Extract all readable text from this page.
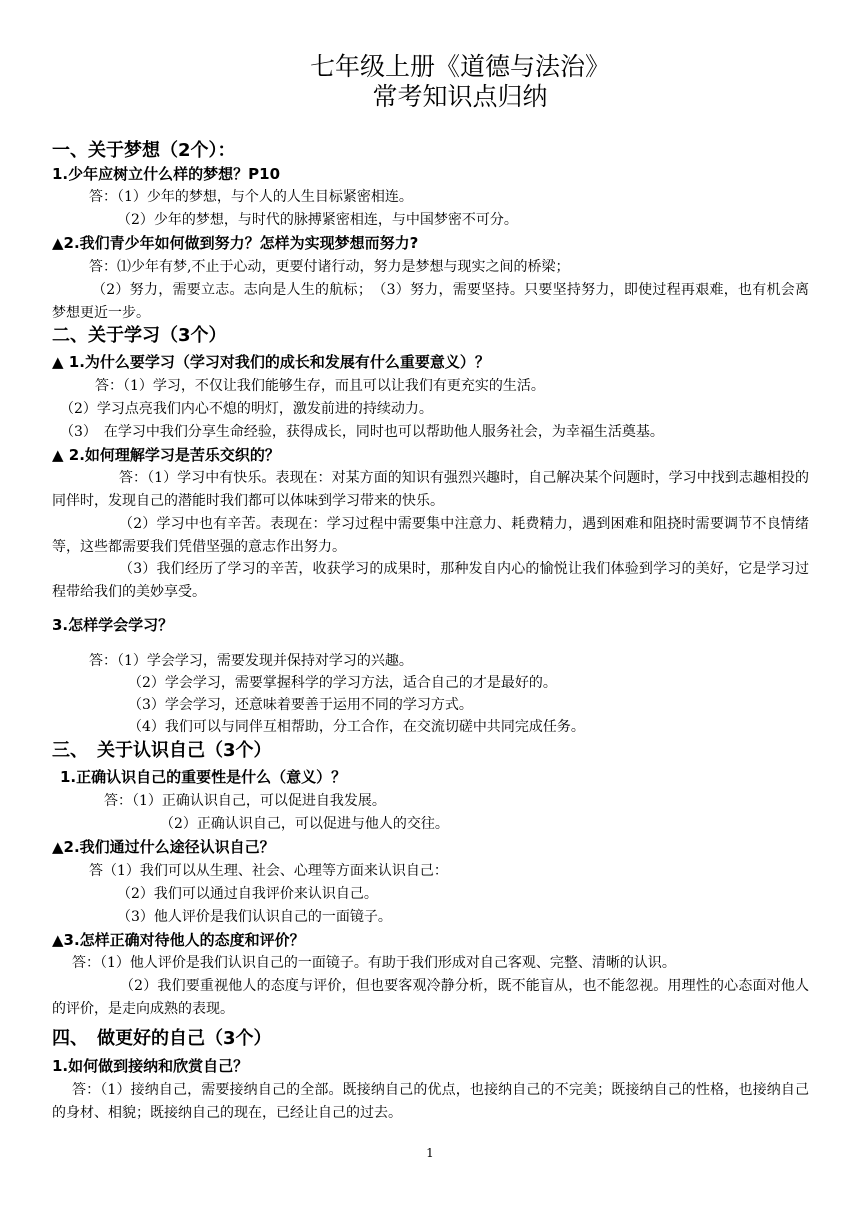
七年级上册《道德与法治》
常考知识点归纳
一、关于梦想（2个）：
1.少年应树立什么样的梦想？P10
答：（1）少年的梦想，与个人的人生目标紧密相连。
（2）少年的梦想，与时代的脉搏紧密相连，与中国梦密不可分。
▲2.我们青少年如何做到努力？怎样为实现梦想而努力?
答：⑴少年有梦,不止于心动，更要付诸行动，努力是梦想与现实之间的桥梁；
（2）努力，需要立志。志向是人生的航标；　（3）努力，需要坚持。只要坚持努力，即使过程再艰难，也有机会离梦想更近一步。
二、关于学习（3个）
▲ 1.为什么要学习（学习对我们的成长和发展有什么重要意义）？
答：（1）学习，不仅让我们能够生存，而且可以让我们有更充实的生活。
（2）学习点亮我们内心不熄的明灯，激发前进的持续动力。
（3）　在学习中我们分享生命经验，获得成长，同时也可以帮助他人服务社会，为幸福生活奠基。
▲ 2.如何理解学习是苦乐交织的？
答：（1）学习中有快乐。表现在：对某方面的知识有强烈兴趣时，自己解决某个问题时，学习中找到志趣相投的同伴时，发现自己的潜能时我们都可以体味到学习带来的快乐。
（2）学习中也有辛苦。表现在：学习过程中需要集中注意力、耗费精力，遇到困难和阻挠时需要调节不良情绪等，这些都需要我们凭借坚强的意志作出努力。
（3）我们经历了学习的辛苦，收获学习的成果时，那种发自内心的愉悦让我们体验到学习的美好，它是学习过程带给我们的美妙享受。
3.怎样学会学习？
答：（1）学会学习，需要发现并保持对学习的兴趣。
（2）学会学习，需要掌握科学的学习方法，适合自己的才是最好的。
（3）学会学习，还意味着要善于运用不同的学习方式。
（4）我们可以与同伴互相帮助，分工合作，在交流切磋中共同完成任务。
三、　关于认识自己（3个）
1.正确认识自己的重要性是什么（意义）？
答：（1）正确认识自己，可以促进自我发展。
（2）正确认识自己，可以促进与他人的交往。
▲2.我们通过什么途径认识自己？
答（1）我们可以从生理、社会、心理等方面来认识自己：
（2）我们可以通过自我评价来认识自己。
（3）他人评价是我们认识自己的一面镜子。
▲3.怎样正确对待他人的态度和评价？
答：（1）他人评价是我们认识自己的一面镜子。有助于我们形成对自己客观、完整、清晰的认识。
（2）我们要重视他人的态度与评价，但也要客观冷静分析，既不能盲从，也不能忽视。用理性的心态面对他人的评价，是走向成熟的表现。
四、　做更好的自己（3个）
1.如何做到接纳和欣赏自己？
答：（1）接纳自己，需要接纳自己的全部。既接纳自己的优点，也接纳自己的不完美；既接纳自己的性格，也接纳自己的身材、相貌；既接纳自己的现在，已经让自己的过去。
1
